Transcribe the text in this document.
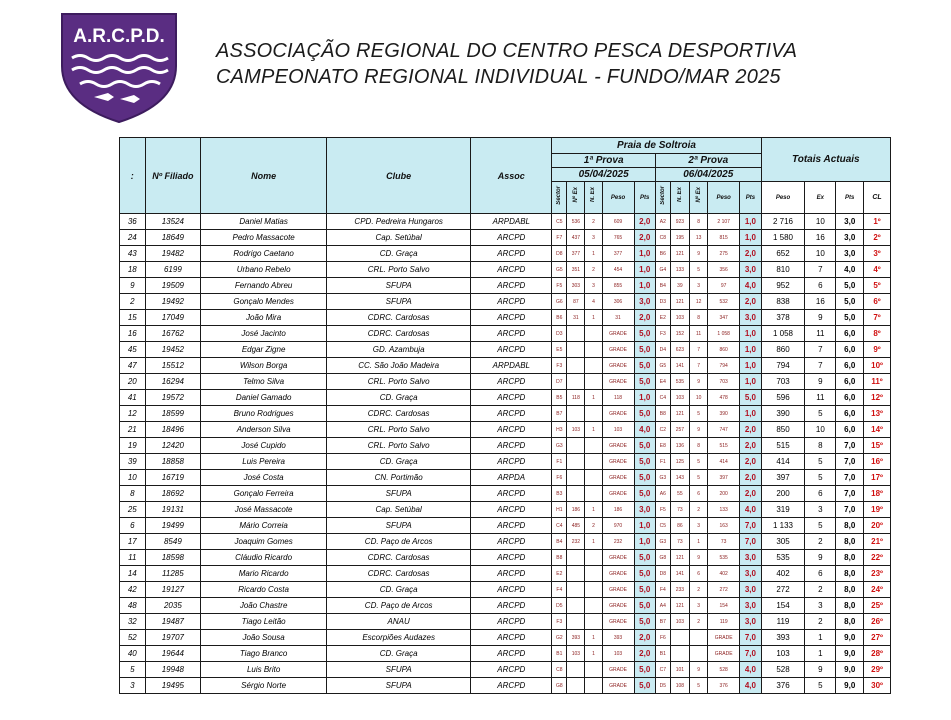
A.R.C.P.D.
ASSOCIAÇÃO REGIONAL DO CENTRO PESCA DESPORTIVA
CAMPEONATO REGIONAL INDIVIDUAL - FUNDO/MAR 2025
:	Nº Filiado	Nome	Clube	Assoc	Praia de Soltroia										Totais Actuais			
					1ª Prova					2ª Prova								
					05/04/2025					06/04/2025								
					Sector	Nº Ex	N. Ex	Peso	Pts	Sector	N. Ex	Nº Ex	Peso	Pts	Peso	Ex	Pts	CL
36	13524	Daniel Matias	CPD. Pedreira Hungaros	ARPDABL	C5	536	2	609	2,0	A2	923	8	2 107	1,0	2 716	10	3,0	1º
24	18649	Pedro Massacote	Cap. Setúbal	ARCPD	F7	437	3	765	2,0	C8	195	13	815	1,0	1 580	16	3,0	2º
43	19482	Rodrigo Caetano	CD. Graça	ARCPD	D8	377	1	377	1,0	B6	121	9	275	2,0	652	10	3,0	3º
18	6199	Urbano Rebelo	CRL. Porto Salvo	ARCPD	G5	351	2	454	1,0	G4	133	5	356	3,0	810	7	4,0	4º
9	19509	Fernando Abreu	SFUPA	ARCPD	F5	303	3	855	1,0	B4	39	3	97	4,0	952	6	5,0	5º
2	19492	Gonçalo Mendes	SFUPA	ARCPD	G6	87	4	306	3,0	D3	121	12	532	2,0	838	16	5,0	6º
15	17049	João Mira	CDRC. Cardosas	ARCPD	B6	31	1	31	2,0	E2	103	8	347	3,0	378	9	5,0	7º
16	16762	José Jacinto	CDRC. Cardosas	ARCPD	D3			GRADE	5,0	F3	152	11	1 058	1,0	1 058	11	6,0	8º
45	19452	Edgar Zigne	GD. Azambuja	ARCPD	E5			GRADE	5,0	D4	623	7	860	1,0	860	7	6,0	9º
47	15512	Wilson Borga	CC. São João Madeira	ARPDABL	F3			GRADE	5,0	G5	141	7	794	1,0	794	7	6,0	10º
20	16294	Telmo Silva	CRL. Porto Salvo	ARCPD	D7			GRADE	5,0	E4	535	9	703	1,0	703	9	6,0	11º
41	19572	Daniel Gamado	CD. Graça	ARCPD	B5	118	1	118	1,0	C4	103	10	478	5,0	596	11	6,0	12º
12	18599	Bruno Rodrigues	CDRC. Cardosas	ARCPD	B7			GRADE	5,0	B8	121	5	390	1,0	390	5	6,0	13º
21	18496	Anderson Silva	CRL. Porto Salvo	ARCPD	H3	103	1	103	4,0	C2	257	9	747	2,0	850	10	6,0	14º
19	12420	José Cupido	CRL. Porto Salvo	ARCPD	G3			GRADE	5,0	E8	136	8	515	2,0	515	8	7,0	15º
39	18858	Luis Pereira	CD. Graça	ARCPD	F1			GRADE	5,0	F1	125	5	414	2,0	414	5	7,0	16º
10	16719	José Costa	CN. Portimão	ARPDA	F6			GRADE	5,0	G3	143	5	397	2,0	397	5	7,0	17º
8	18692	Gonçalo Ferreira	SFUPA	ARCPD	B3			GRADE	5,0	A6	55	6	200	2,0	200	6	7,0	18º
25	19131	José Massacote	Cap. Setúbal	ARCPD	H1	186	1	186	3,0	F5	73	2	133	4,0	319	3	7,0	19º
6	19499	Mário Correia	SFUPA	ARCPD	C4	485	2	970	1,0	C5	86	3	163	7,0	1 133	5	8,0	20º
17	8549	Joaquim Gomes	CD. Paço de Arcos	ARCPD	B4	232	1	232	1,0	G3	73	1	73	7,0	305	2	8,0	21º
11	18598	Cláudio Ricardo	CDRC. Cardosas	ARCPD	B8			GRADE	5,0	G8	121	9	535	3,0	535	9	8,0	22º
14	11285	Mario Ricardo	CDRC. Cardosas	ARCPD	E2			GRADE	5,0	D8	141	6	402	3,0	402	6	8,0	23º
42	19127	Ricardo Costa	CD. Graça	ARCPD	F4			GRADE	5,0	F4	233	2	272	3,0	272	2	8,0	24º
48	2035	João Chastre	CD. Paço de Arcos	ARCPD	D5			GRADE	5,0	A4	121	3	154	3,0	154	3	8,0	25º
32	19487	Tiago Leitão	ANAU	ARCPD	F3			GRADE	5,0	B7	103	2	119	3,0	119	2	8,0	26º
52	19707	João Sousa	Escorpiões Audazes	ARCPD	G2	393	1	393	2,0	F6			GRADE	7,0	393	1	9,0	27º
40	19644	Tiago Branco	CD. Graça	ARCPD	B1	103	1	103	2,0	B1			GRADE	7,0	103	1	9,0	28º
5	19948	Luis Brito	SFUPA	ARCPD	C8			GRADE	5,0	C7	101	9	528	4,0	528	9	9,0	29º
3	19495	Sérgio Norte	SFUPA	ARCPD	G8			GRADE	5,0	D5	108	5	376	4,0	376	5	9,0	30º
